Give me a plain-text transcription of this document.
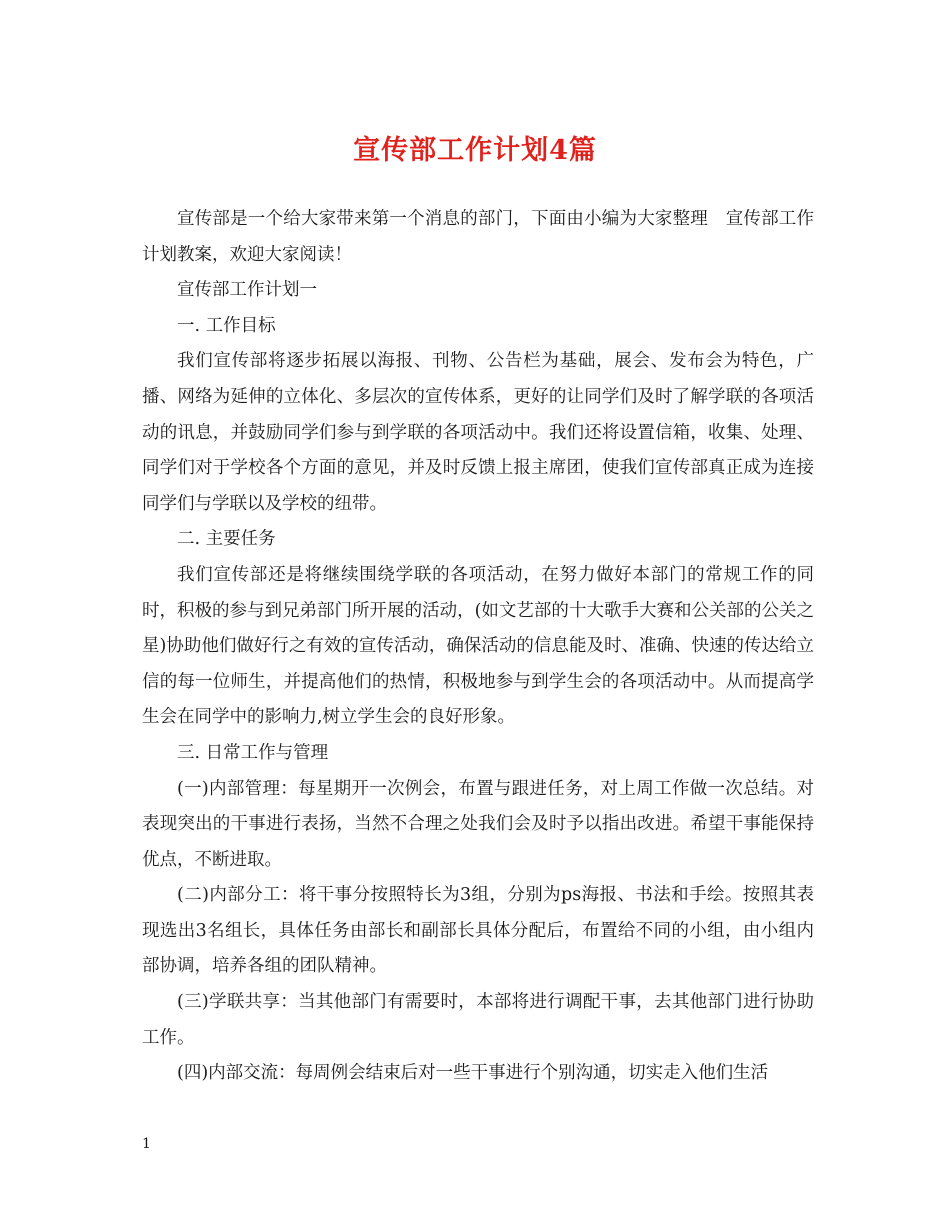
宣传部工作计划4篇

宣传部是一个给大家带来第一个消息的部门，下面由小编为大家整理　宣传部工作计划教案，欢迎大家阅读！

宣传部工作计划一

一. 工作目标

我们宣传部将逐步拓展以海报、刊物、公告栏为基础，展会、发布会为特色，广播、网络为延伸的立体化、多层次的宣传体系，更好的让同学们及时了解学联的各项活动的讯息，并鼓励同学们参与到学联的各项活动中。我们还将设置信箱，收集、处理、同学们对于学校各个方面的意见，并及时反馈上报主席团，使我们宣传部真正成为连接同学们与学联以及学校的纽带。

二. 主要任务

我们宣传部还是将继续围绕学联的各项活动，在努力做好本部门的常规工作的同时，积极的参与到兄弟部门所开展的活动，(如文艺部的十大歌手大赛和公关部的公关之星)协助他们做好行之有效的宣传活动，确保活动的信息能及时、准确、快速的传达给立信的每一位师生，并提高他们的热情，积极地参与到学生会的各项活动中。从而提高学生会在同学中的影响力,树立学生会的良好形象。

三. 日常工作与管理

(一)内部管理：每星期开一次例会，布置与跟进任务，对上周工作做一次总结。对表现突出的干事进行表扬，当然不合理之处我们会及时予以指出改进。希望干事能保持优点，不断进取。

(二)内部分工：将干事分按照特长为3组，分别为ps海报、书法和手绘。按照其表现选出3名组长，具体任务由部长和副部长具体分配后，布置给不同的小组，由小组内部协调，培养各组的团队精神。

(三)学联共享：当其他部门有需要时，本部将进行调配干事，去其他部门进行协助工作。

(四)内部交流：每周例会结束后对一些干事进行个别沟通，切实走入他们生活

1
